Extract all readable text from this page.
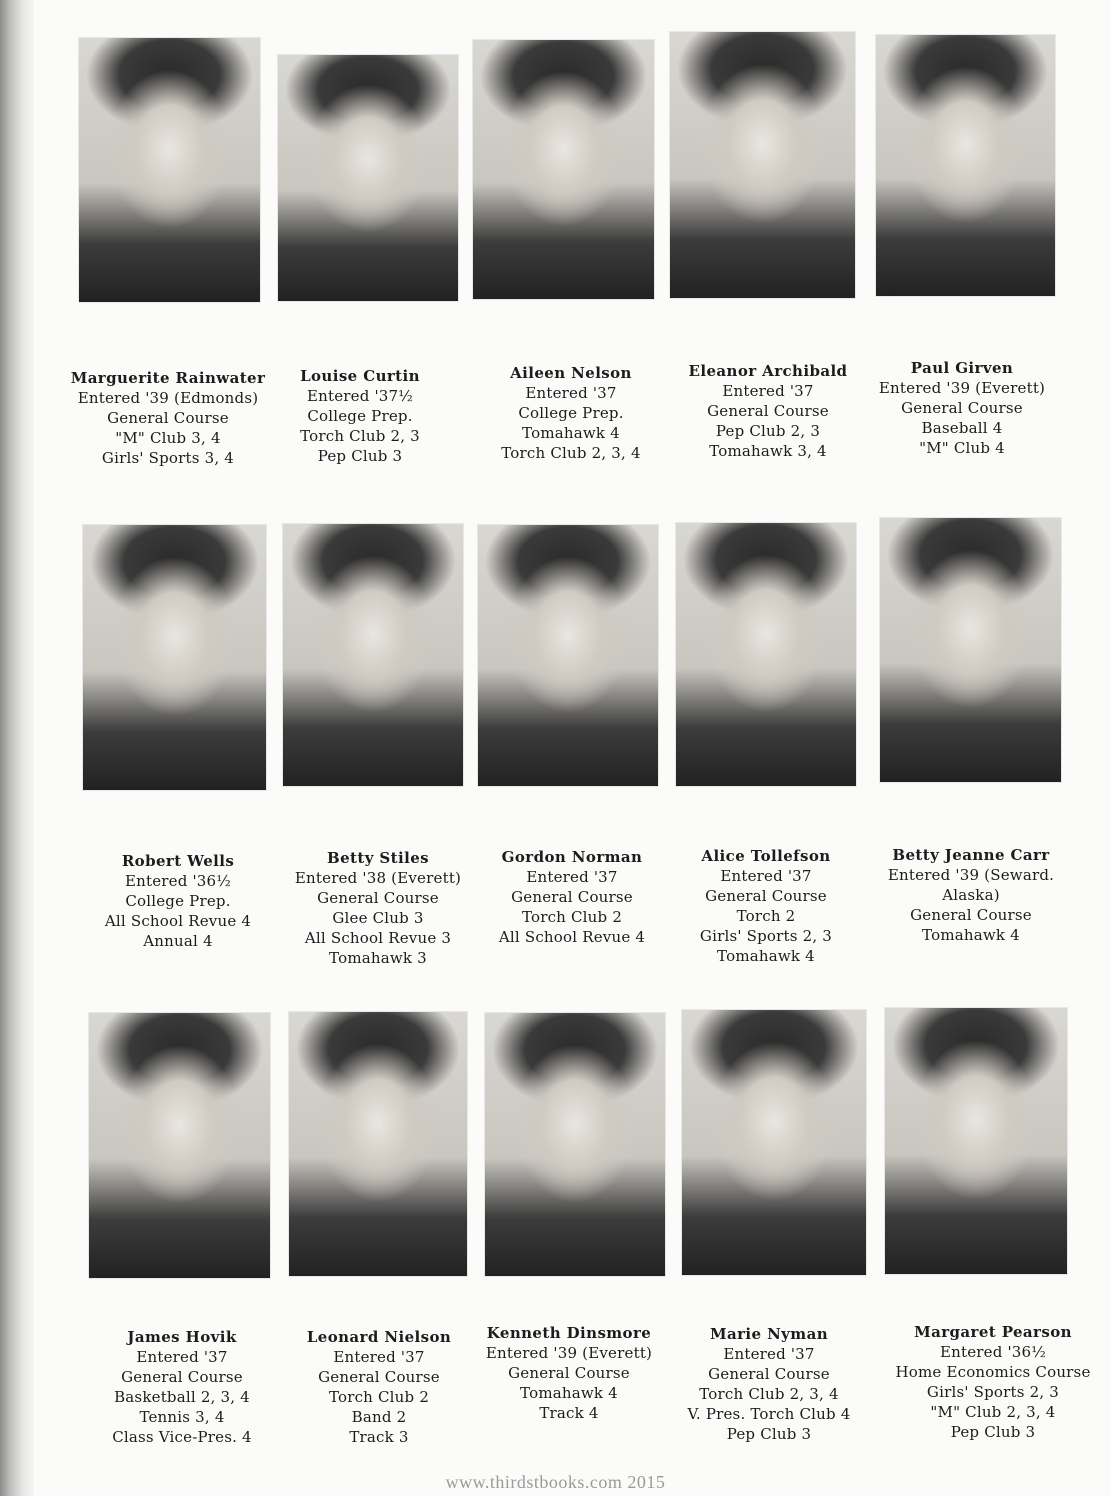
Marguerite Rainwater
Entered '39 (Edmonds)
General Course
"M" Club 3, 4
Girls' Sports 3, 4
Louise Curtin
Entered '37½
College Prep.
Torch Club 2, 3
Pep Club 3
Aileen Nelson
Entered '37
College Prep.
Tomahawk 4
Torch Club 2, 3, 4
Eleanor Archibald
Entered '37
General Course
Pep Club 2, 3
Tomahawk 3, 4
Paul Girven
Entered '39 (Everett)
General Course
Baseball 4
"M" Club 4
Robert Wells
Entered '36½
College Prep.
All School Revue 4
Annual 4
Betty Stiles
Entered '38 (Everett)
General Course
Glee Club 3
All School Revue 3
Tomahawk 3
Gordon Norman
Entered '37
General Course
Torch Club 2
All School Revue 4
Alice Tollefson
Entered '37
General Course
Torch 2
Girls' Sports 2, 3
Tomahawk 4
Betty Jeanne Carr
Entered '39 (Seward.
Alaska)
General Course
Tomahawk 4
James Hovik
Entered '37
General Course
Basketball 2, 3, 4
Tennis 3, 4
Class Vice-Pres. 4
Leonard Nielson
Entered '37
General Course
Torch Club 2
Band 2
Track 3
Kenneth Dinsmore
Entered '39 (Everett)
General Course
Tomahawk 4
Track 4
Marie Nyman
Entered '37
General Course
Torch Club 2, 3, 4
V. Pres. Torch Club 4
Pep Club 3
Margaret Pearson
Entered '36½
Home Economics Course
Girls' Sports 2, 3
"M" Club 2, 3, 4
Pep Club 3
www.thirdstbooks.com 2015
